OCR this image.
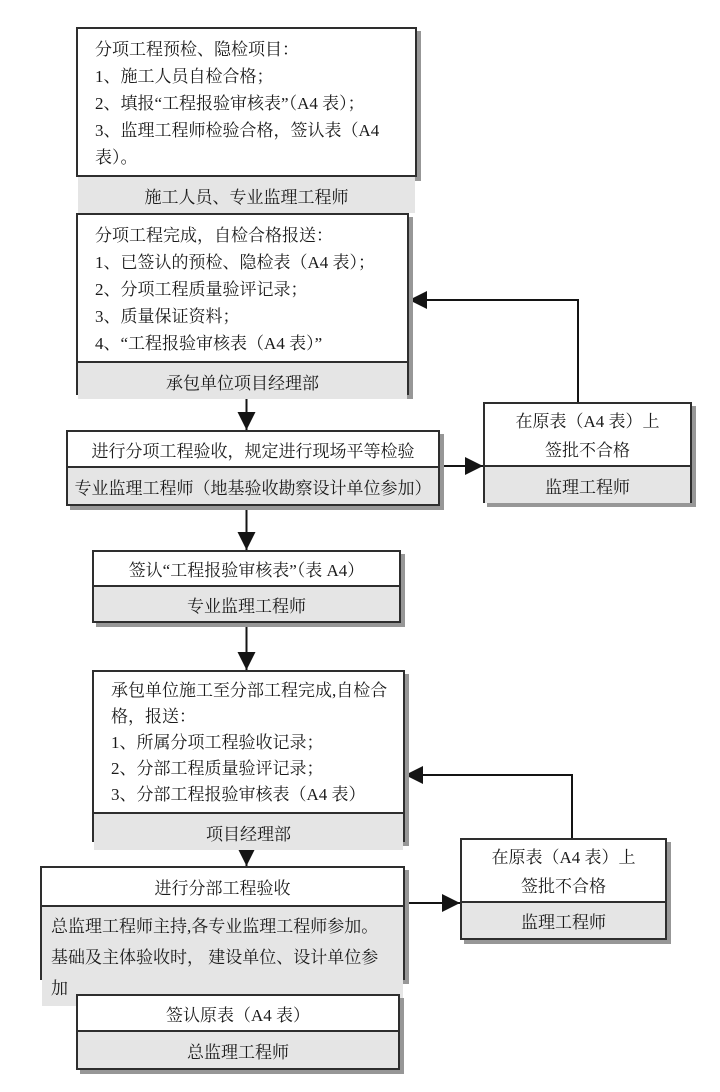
分项工程预检、隐检项目：
1、施工人员自检合格；
2、填报“工程报验审核表”（A4 表）；
3、监理工程师检验合格，签认表（A4 表）。
施工人员、专业监理工程师
分项工程完成，自检合格报送：
1、已签认的预检、隐检表（A4 表）；
2、分项工程质量验评记录；
3、质量保证资料；
4、“工程报验审核表（A4 表）”
承包单位项目经理部
进行分项工程验收，规定进行现场平等检验
专业监理工程师（地基验收勘察设计单位参加）
签认“工程报验审核表”（表 A4）
专业监理工程师
承包单位施工至分部工程完成,自检合格，报送：
1、所属分项工程验收记录；
2、分部工程质量验评记录；
3、分部工程报验审核表（A4 表）
项目经理部
进行分部工程验收
总监理工程师主持,各专业监理工程师参加。基础及主体验收时， 建设单位、设计单位参加
签认原表（A4 表）
总监理工程师
在原表（A4 表）上
签批不合格
监理工程师
在原表（A4 表）上
签批不合格
监理工程师
